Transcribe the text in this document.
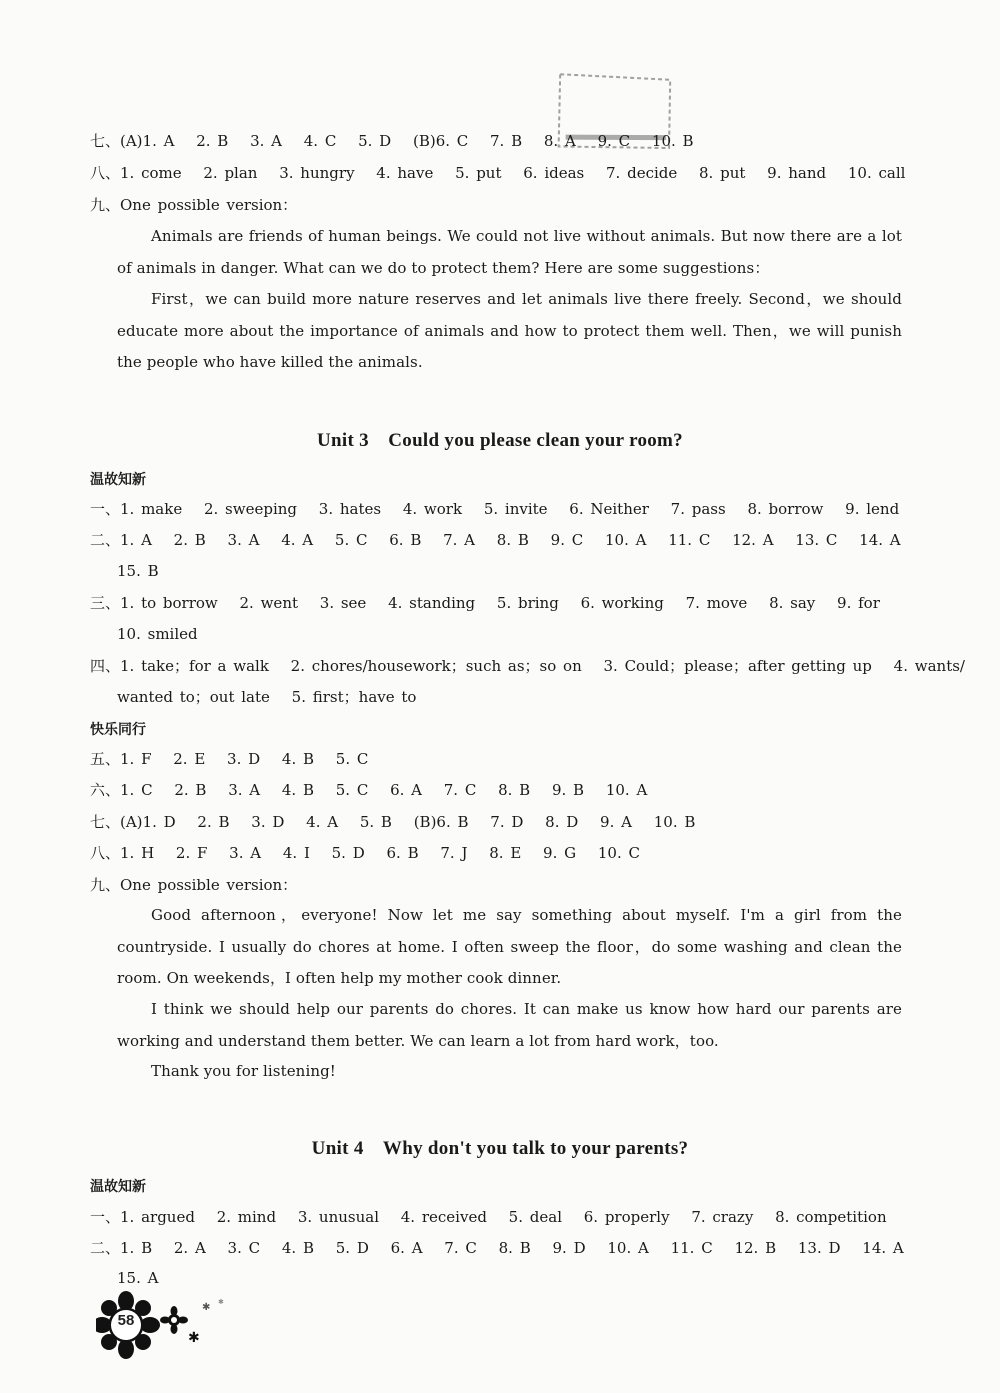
七、(A)1. A　 2. B　 3. A　 4. C　 5. D　 (B)6. C　 7. B　 8. A　 9. C　 10. B
八、1. come　 2. plan　 3. hungry　 4. have　 5. put　 6. ideas　 7. decide　 8. put　 9. hand　 10. call
九、One possible version：
Animals are friends of human beings. We could not live without animals. But now there are a lot of animals in danger. What can we do to protect them? Here are some suggestions：
First，we can build more nature reserves and let animals live there freely. Second，we should educate more about the importance of animals and how to protect them well. Then，we will punish the people who have killed the animals.
Unit 3　Could you please clean your room?
温故知新
一、1. make　 2. sweeping　 3. hates　 4. work　 5. invite　 6. Neither　 7. pass　 8. borrow　 9. lend
二、1. A　 2. B　 3. A　 4. A　 5. C　 6. B　 7. A　 8. B　 9. C　 10. A　 11. C　 12. A　 13. C　 14. A
15. B
三、1. to borrow　 2. went　 3. see　 4. standing　 5. bring　 6. working　 7. move　 8. say　 9. for
10. smiled
四、1. take；for a walk　 2. chores/housework；such as；so on　 3. Could；please；after getting up　 4. wants/
wanted to；out late　 5. first；have to
快乐同行
五、1. F　 2. E　 3. D　 4. B　 5. C
六、1. C　 2. B　 3. A　 4. B　 5. C　 6. A　 7. C　 8. B　 9. B　 10. A
七、(A)1. D　 2. B　 3. D　 4. A　 5. B　 (B)6. B　 7. D　 8. D　 9. A　 10. B
八、1. H　 2. F　 3. A　 4. I　 5. D　 6. B　 7. J　 8. E　 9. G　 10. C
九、One possible version：
Good afternoon，everyone! Now let me say something about myself. I'm a girl from the countryside. I usually do chores at home. I often sweep the floor，do some washing and clean the room. On weekends，I often help my mother cook dinner.
I think we should help our parents do chores. It can make us know how hard our parents are working and understand them better. We can learn a lot from hard work，too.
Thank you for listening!
Unit 4　Why don't you talk to your parents?
温故知新
一、1. argued　 2. mind　 3. unusual　 4. received　 5. deal　 6. properly　 7. crazy　 8. competition
二、1. B　 2. A　 3. C　 4. B　 5. D　 6. A　 7. C　 8. B　 9. D　 10. A　 11. C　 12. B　 13. D　 14. A
15. A
✱
✱ ✱
58
